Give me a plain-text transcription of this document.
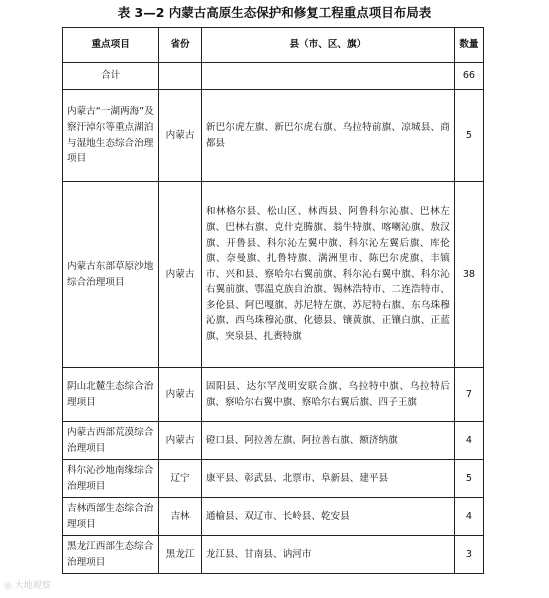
表 3—2 内蒙古高原生态保护和修复工程重点项目布局表
重点项目	省份	县（市、区、旗）	数量
合计			66
内蒙古“一湖两海”及察汗淖尔等重点湖泊与湿地生态综合治理项目	内蒙古	新巴尔虎左旗、新巴尔虎右旗、乌拉特前旗、凉城县、商都县	5
内蒙古东部草原沙地综合治理项目	内蒙古	和林格尔县、松山区、林西县、阿鲁科尔沁旗、巴林左旗、巴林右旗、克什克腾旗、翁牛特旗、喀喇沁旗、敖汉旗、开鲁县、科尔沁左翼中旗、科尔沁左翼后旗、库伦旗、奈曼旗、扎鲁特旗、满洲里市、陈巴尔虎旗、丰镇市、兴和县、察哈尔右翼前旗、科尔沁右翼中旗、科尔沁右翼前旗、鄂温克族自治旗、锡林浩特市、二连浩特市、多伦县、阿巴嘎旗、苏尼特左旗、苏尼特右旗、东乌珠穆沁旗、西乌珠穆沁旗、化德县、镶黄旗、正镶白旗、正蓝旗、突泉县、扎赉特旗	38
阴山北麓生态综合治理项目	内蒙古	固阳县、达尔罕茂明安联合旗、乌拉特中旗、乌拉特后旗、察哈尔右翼中旗、察哈尔右翼后旗、四子王旗	7
内蒙古西部荒漠综合治理项目	内蒙古	磴口县、阿拉善左旗、阿拉善右旗、额济纳旗	4
科尔沁沙地南缘综合治理项目	辽宁	康平县、彰武县、北票市、阜新县、建平县	5
吉林西部生态综合治理项目	吉林	通榆县、双辽市、长岭县、乾安县	4
黑龙江西部生态综合治理项目	黑龙江	龙江县、甘南县、讷河市	3
◎ 大地观察
